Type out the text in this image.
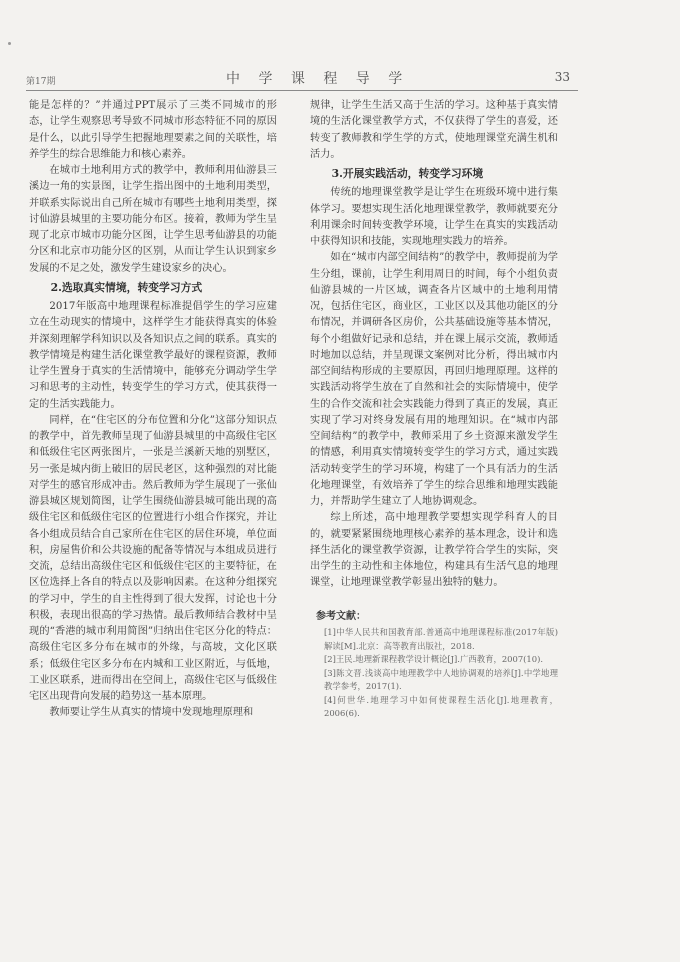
第17期	中 学 课 程 导 学	33

能是怎样的？”并通过PPT展示了三类不同城市的形态，让学生观察思考导致不同城市形态特征不同的原因是什么，以此引导学生把握地理要素之间的关联性，培养学生的综合思维能力和核心素养。

在城市土地利用方式的教学中，教师利用仙游县三溪边一角的实景图，让学生指出图中的土地利用类型，并联系实际说出自己所在城市有哪些土地利用类型，探讨仙游县城里的主要功能分布区。接着，教师为学生呈现了北京市城市功能分区图，让学生思考仙游县的功能分区和北京市功能分区的区别，从而让学生认识到家乡发展的不足之处，激发学生建设家乡的决心。

2.选取真实情境，转变学习方式

2017年版高中地理课程标准提倡学生的学习应建立在生动现实的情境中，这样学生才能获得真实的体验并深刻理解学科知识以及各知识点之间的联系。真实的教学情境是构建生活化课堂教学最好的课程资源，教师让学生置身于真实的生活情境中，能够充分调动学生学习和思考的主动性，转变学生的学习方式，使其获得一定的生活实践能力。

同样，在“住宅区的分布位置和分化”这部分知识点的教学中，首先教师呈现了仙游县城里的中高级住宅区和低级住宅区两张图片，一张是兰溪新天地的别墅区，另一张是城内街上破旧的居民老区，这种强烈的对比能对学生的感官形成冲击。然后教师为学生展现了一张仙游县城区规划简图，让学生围绕仙游县城可能出现的高级住宅区和低级住宅区的位置进行小组合作探究，并让各小组成员结合自己家所在住宅区的居住环境，单位面积，房屋售价和公共设施的配备等情况与本组成员进行交流，总结出高级住宅区和低级住宅区的主要特征，在区位选择上各自的特点以及影响因素。在这种分组探究的学习中，学生的自主性得到了很大发挥，讨论也十分积极，表现出很高的学习热情。最后教师结合教材中呈现的“香港的城市利用简图”归纳出住宅区分化的特点：高级住宅区多分布在城市的外缘，与高坡，文化区联系；低级住宅区多分布在内城和工业区附近，与低地，工业区联系，进而得出在空间上，高级住宅区与低级住宅区出现背向发展的趋势这一基本原理。

教师要让学生从真实的情境中发现地理原理和

规律，让学生生活又高于生活的学习。这种基于真实情境的生活化课堂教学方式，不仅获得了学生的喜爱，还转变了教师教和学生学的方式，使地理课堂充满生机和活力。

3.开展实践活动，转变学习环境

传统的地理课堂教学是让学生在班级环境中进行集体学习。要想实现生活化地理课堂教学，教师就要充分利用课余时间转变教学环境，让学生在真实的实践活动中获得知识和技能，实现地理实践力的培养。

如在“城市内部空间结构”的教学中，教师提前为学生分组，课前，让学生利用周日的时间，每个小组负责仙游县城的一片区域，调查各片区域中的土地利用情况，包括住宅区，商业区，工业区以及其他功能区的分布情况，并调研各区房价，公共基础设施等基本情况，每个小组做好记录和总结，并在课上展示交流，教师适时地加以总结，并呈现课文案例对比分析，得出城市内部空间结构形成的主要原因，再回归地理原理。这样的实践活动将学生放在了自然和社会的实际情境中，使学生的合作交流和社会实践能力得到了真正的发展，真正实现了学习对终身发展有用的地理知识。在“城市内部空间结构”的教学中，教师采用了乡土资源来激发学生的情感，利用真实情境转变学生的学习方式，通过实践活动转变学生的学习环境，构建了一个具有活力的生活化地理课堂，有效培养了学生的综合思维和地理实践能力，并帮助学生建立了人地协调观念。

综上所述，高中地理教学要想实现学科育人的目的，就要紧紧围绕地理核心素养的基本理念，设计和选择生活化的课堂教学资源，让教学符合学生的实际，突出学生的主动性和主体地位，构建具有生活气息的地理课堂，让地理课堂教学彰显出独特的魅力。

参考文献：

[1]中华人民共和国教育部.普通高中地理课程标准(2017年版)解读[M].北京：高等教育出版社，2018.

[2]王民.地理新课程教学设计概论[J].广西教育，2007(10).

[3]陈文晋.浅谈高中地理教学中人地协调观的培养[J].中学地理教学参考，2017(1).

[4]何世华.地理学习中如何使课程生活化[J].地理教育，2006(6).
